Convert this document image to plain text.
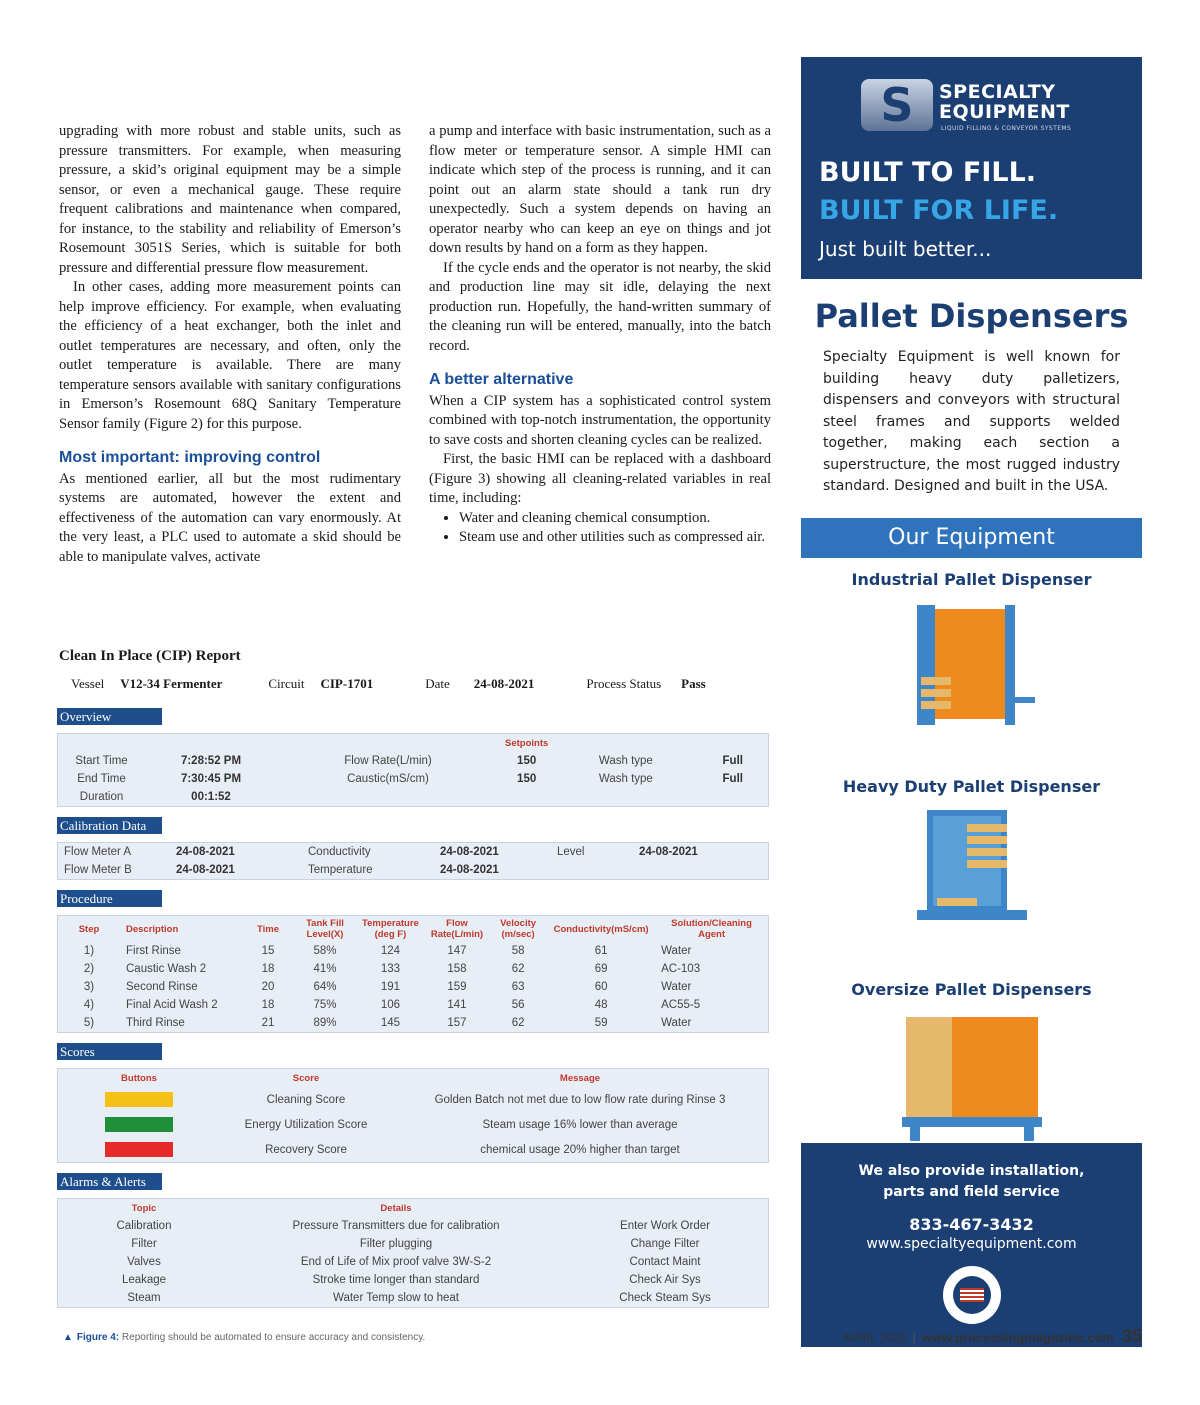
upgrading with more robust and stable units, such as pressure transmitters. For example, when measuring pressure, a skid’s original equipment may be a simple sensor, or even a mechanical gauge. These require frequent calibrations and maintenance when compared, for instance, to the stability and reliability of Emerson’s Rosemount 3051S Series, which is suitable for both pressure and differential pressure flow measurement.

In other cases, adding more measurement points can help improve efficiency. For example, when evaluating the efficiency of a heat exchanger, both the inlet and outlet temperatures are necessary, and often, only the outlet temperature is available. There are many temperature sensors available with sanitary configurations in Emerson’s Rosemount 68Q Sanitary Temperature Sensor family (Figure 2) for this purpose.

Most important: improving control

As mentioned earlier, all but the most rudimentary systems are automated, however the extent and effectiveness of the automation can vary enormously. At the very least, a PLC used to automate a skid should be able to manipulate valves, activate

a pump and interface with basic instrumentation, such as a flow meter or temperature sensor. A simple HMI can indicate which step of the process is running, and it can point out an alarm state should a tank run dry unexpectedly. Such a system depends on having an operator nearby who can keep an eye on things and jot down results by hand on a form as they happen.

If the cycle ends and the operator is not nearby, the skid and production line may sit idle, delaying the next production run. Hopefully, the hand-written summary of the cleaning run will be entered, manually, into the batch record.

A better alternative

When a CIP system has a sophisticated control system combined with top-notch instrumentation, the opportunity to save costs and shorten cleaning cycles can be realized.

First, the basic HMI can be replaced with a dashboard (Figure 3) showing all cleaning-related variables in real time, including:

• Water and cleaning chemical consumption.
• Steam use and other utilities such as compressed air.
Clean In Place (CIP) Report
Vessel V12-34 Fermenter	Circuit CIP-1701	Date 24-08-2021	Process Status Pass
Overview
			Setpoints		
Start Time	7:28:52 PM	Flow Rate(L/min)	150	Wash type	Full
End Time	7:30:45 PM	Caustic(mS/cm)	150	Wash type	Full
Duration	00:1:52				
Calibration Data
Flow Meter A	24-08-2021	Conductivity	24-08-2021	Level	24-08-2021
Flow Meter B	24-08-2021	Temperature	24-08-2021		
Procedure
Step	Description	Time	Tank Fill Level(X)	Temperature (deg F)	Flow Rate(L/min)	Velocity (m/sec)	Conductivity(mS/cm)	Solution/Cleaning Agent
1)	First Rinse	15	58%	124	147	58	61	Water
2)	Caustic Wash 2	18	41%	133	158	62	69	AC-103
3)	Second Rinse	20	64%	191	159	63	60	Water
4)	Final Acid Wash 2	18	75%	106	141	56	48	AC55-5
5)	Third Rinse	21	89%	145	157	62	59	Water
Scores
Buttons	Score	Message

	Cleaning Score	Golden Batch not met due to low flow rate during Rinse 3

	Energy Utilization Score	Steam usage 16% lower than average

	Recovery Score	chemical usage 20% higher than target
Alarms & Alerts
Topic	Details	
Calibration	Pressure Transmitters due for calibration	Enter Work Order
Filter	Filter plugging	Change Filter
Valves	End of Life of Mix proof valve 3W-S-2	Contact Maint
Leakage	Stroke time longer than standard	Check Air Sys
Steam	Water Temp slow to heat	Check Steam Sys
▲ Figure 4: Reporting should be automated to ensure accuracy and consistency.
S	SPECIALTY
EQUIPMENT
LIQUID FILLING & CONVEYOR SYSTEMS
BUILT TO FILL.
BUILT FOR LIFE.
Just built better...
Pallet Dispensers
Specialty Equipment is well known for building heavy duty palletizers, dispensers and conveyors with structural steel frames and supports welded together, making each section a superstructure, the most rugged industry standard. Designed and built in the USA.
Our Equipment
Industrial Pallet Dispenser
Heavy Duty Pallet Dispenser
Oversize Pallet Dispensers
We also provide installation,
parts and field service
833-467-3432
www.specialtyequipment.com
APRIL 2022 | www.processingmagazine.com 35
